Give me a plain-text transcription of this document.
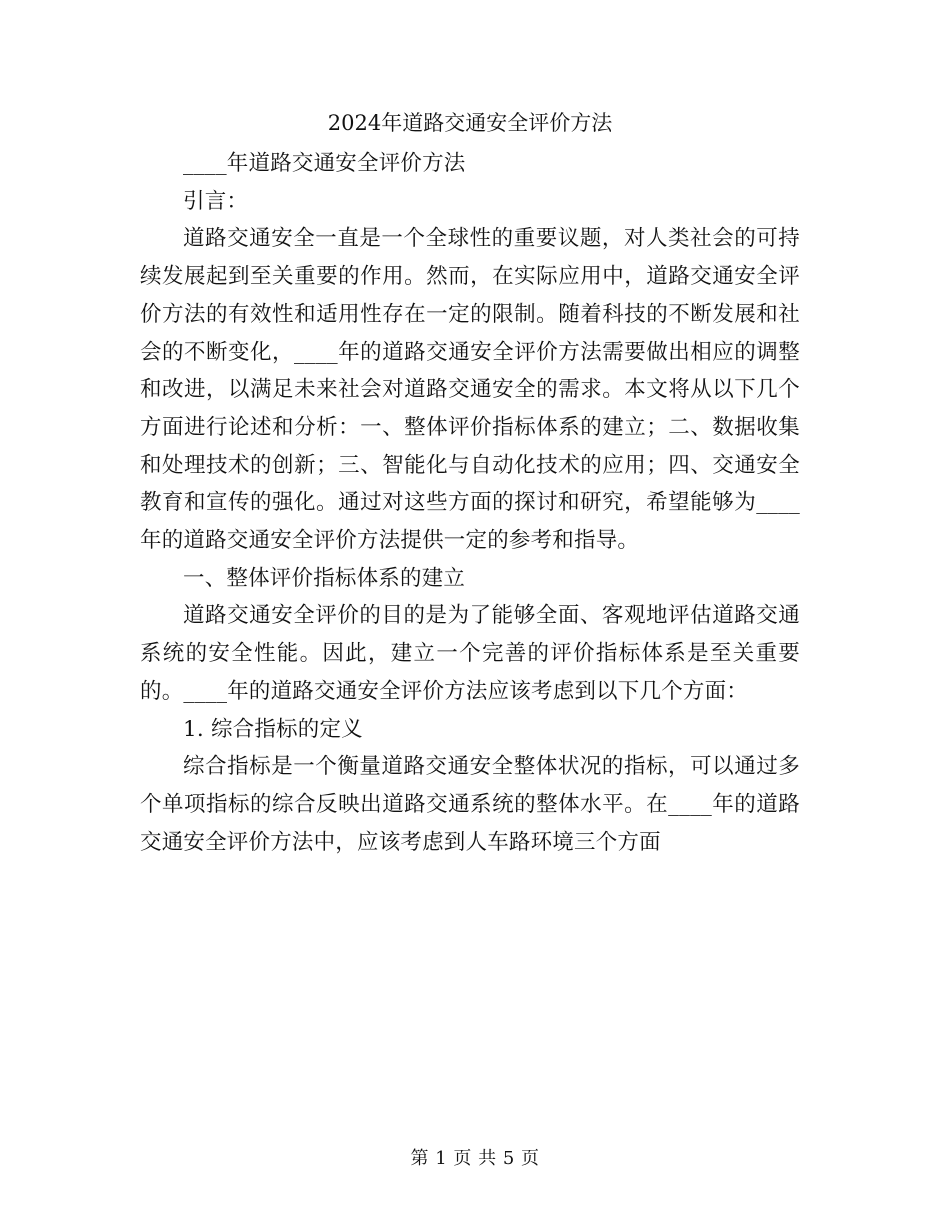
2024年道路交通安全评价方法

____年道路交通安全评价方法

引言：

道路交通安全一直是一个全球性的重要议题，对人类社会的可持续发展起到至关重要的作用。然而，在实际应用中，道路交通安全评价方法的有效性和适用性存在一定的限制。随着科技的不断发展和社会的不断变化，____年的道路交通安全评价方法需要做出相应的调整和改进，以满足未来社会对道路交通安全的需求。本文将从以下几个方面进行论述和分析：一、整体评价指标体系的建立；二、数据收集和处理技术的创新；三、智能化与自动化技术的应用；四、交通安全教育和宣传的强化。通过对这些方面的探讨和研究，希望能够为____年的道路交通安全评价方法提供一定的参考和指导。

一、整体评价指标体系的建立

道路交通安全评价的目的是为了能够全面、客观地评估道路交通系统的安全性能。因此，建立一个完善的评价指标体系是至关重要的。____年的道路交通安全评价方法应该考虑到以下几个方面：

1. 综合指标的定义

综合指标是一个衡量道路交通安全整体状况的指标，可以通过多个单项指标的综合反映出道路交通系统的整体水平。在____年的道路交通安全评价方法中，应该考虑到人车路环境三个方面

第 1 页 共 5 页
